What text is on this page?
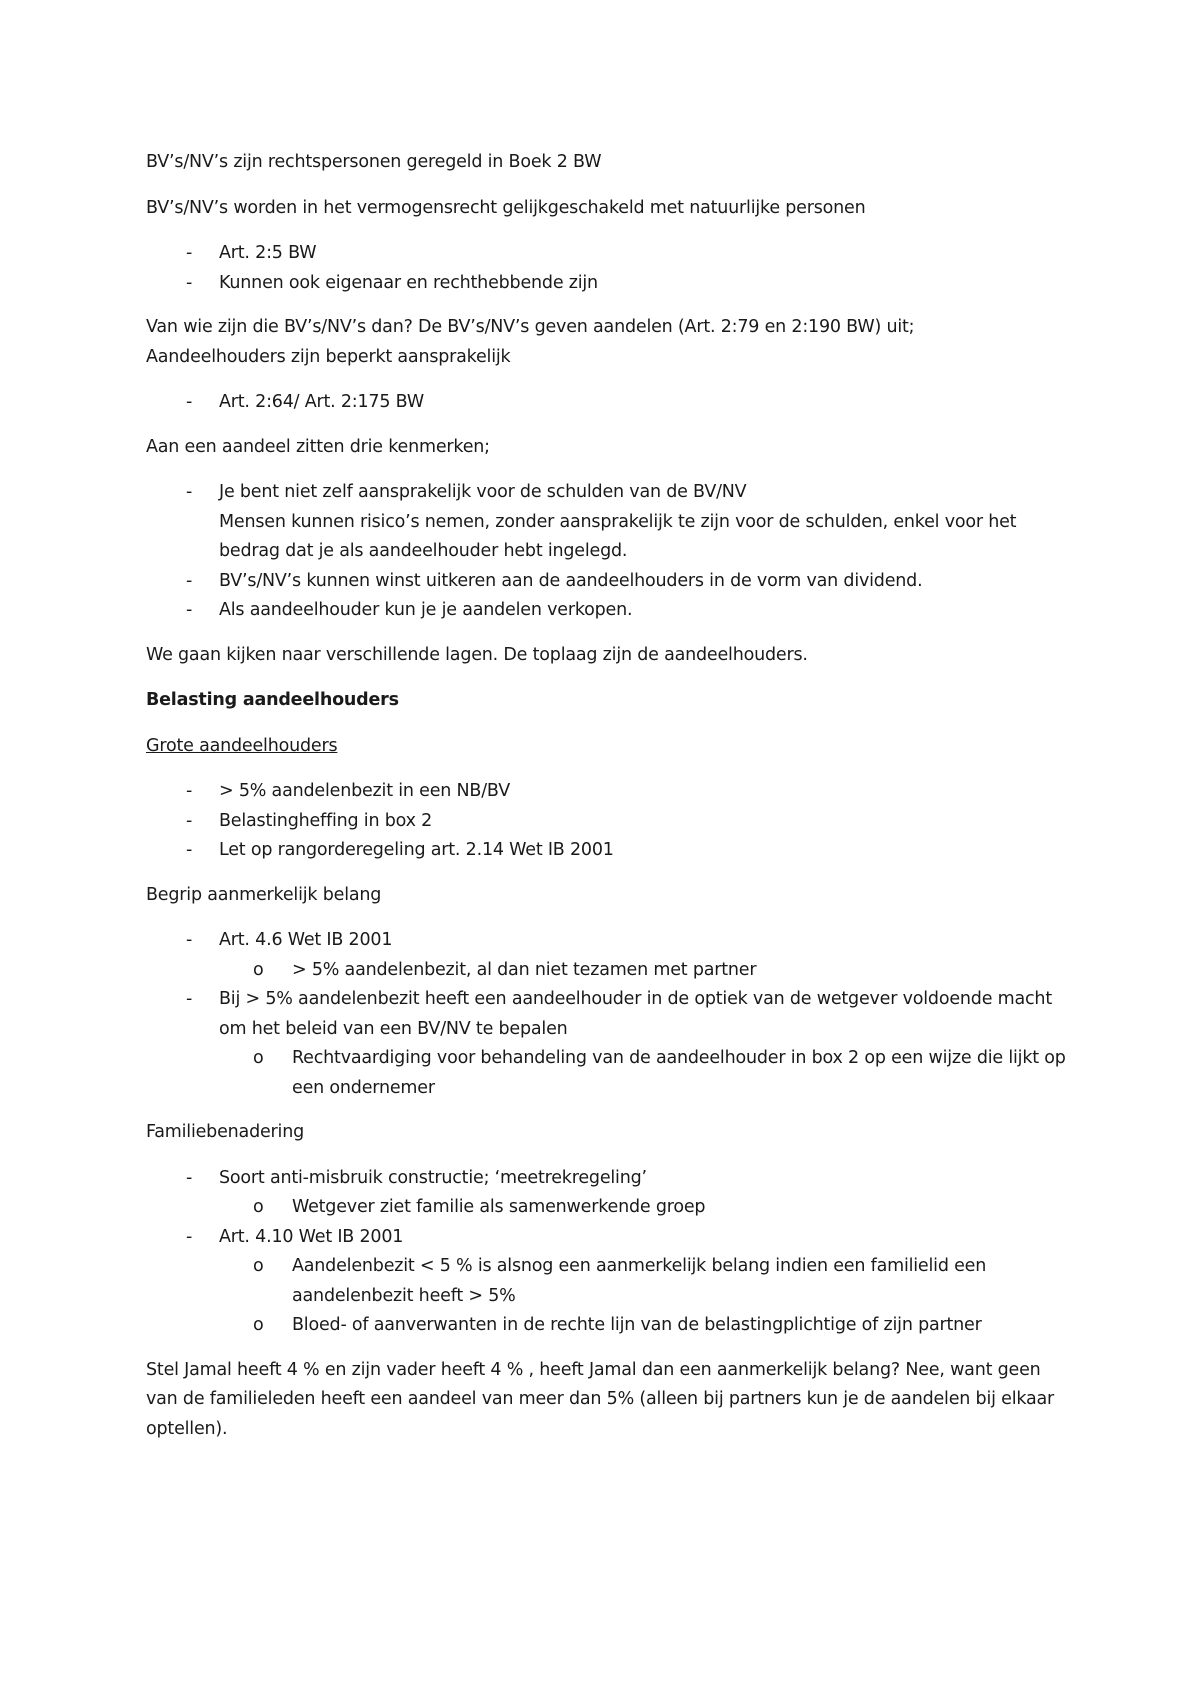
BV’s/NV’s zijn rechtspersonen geregeld in Boek 2 BW

BV’s/NV’s worden in het vermogensrecht gelijkgeschakeld met natuurlijke personen

- Art. 2:5 BW
- Kunnen ook eigenaar en rechthebbende zijn

Van wie zijn die BV’s/NV’s dan? De BV’s/NV’s geven aandelen (Art. 2:79 en 2:190 BW) uit;
Aandeelhouders zijn beperkt aansprakelijk

- Art. 2:64/ Art. 2:175 BW

Aan een aandeel zitten drie kenmerken;

- Je bent niet zelf aansprakelijk voor de schulden van de BV/NV
Mensen kunnen risico’s nemen, zonder aansprakelijk te zijn voor de schulden, enkel voor het bedrag dat je als aandeelhouder hebt ingelegd.
- BV’s/NV’s kunnen winst uitkeren aan de aandeelhouders in de vorm van dividend.
- Als aandeelhouder kun je je aandelen verkopen.

We gaan kijken naar verschillende lagen. De toplaag zijn de aandeelhouders.

Belasting aandeelhouders

Grote aandeelhouders

- > 5% aandelenbezit in een NB/BV
- Belastingheffing in box 2
- Let op rangorderegeling art. 2.14 Wet IB 2001

Begrip aanmerkelijk belang

- Art. 4.6 Wet IB 2001
o > 5% aandelenbezit, al dan niet tezamen met partner
- Bij > 5% aandelenbezit heeft een aandeelhouder in de optiek van de wetgever voldoende macht om het beleid van een BV/NV te bepalen
o Rechtvaardiging voor behandeling van de aandeelhouder in box 2 op een wijze die lijkt op een ondernemer

Familiebenadering

- Soort anti-misbruik constructie; ‘meetrekregeling’
o Wetgever ziet familie als samenwerkende groep
- Art. 4.10 Wet IB 2001
o Aandelenbezit < 5 % is alsnog een aanmerkelijk belang indien een familielid een aandelenbezit heeft > 5%
o Bloed- of aanverwanten in de rechte lijn van de belastingplichtige of zijn partner

Stel Jamal heeft 4 % en zijn vader heeft 4 % , heeft Jamal dan een aanmerkelijk belang? Nee, want geen van de familieleden heeft een aandeel van meer dan 5% (alleen bij partners kun je de aandelen bij elkaar optellen).
